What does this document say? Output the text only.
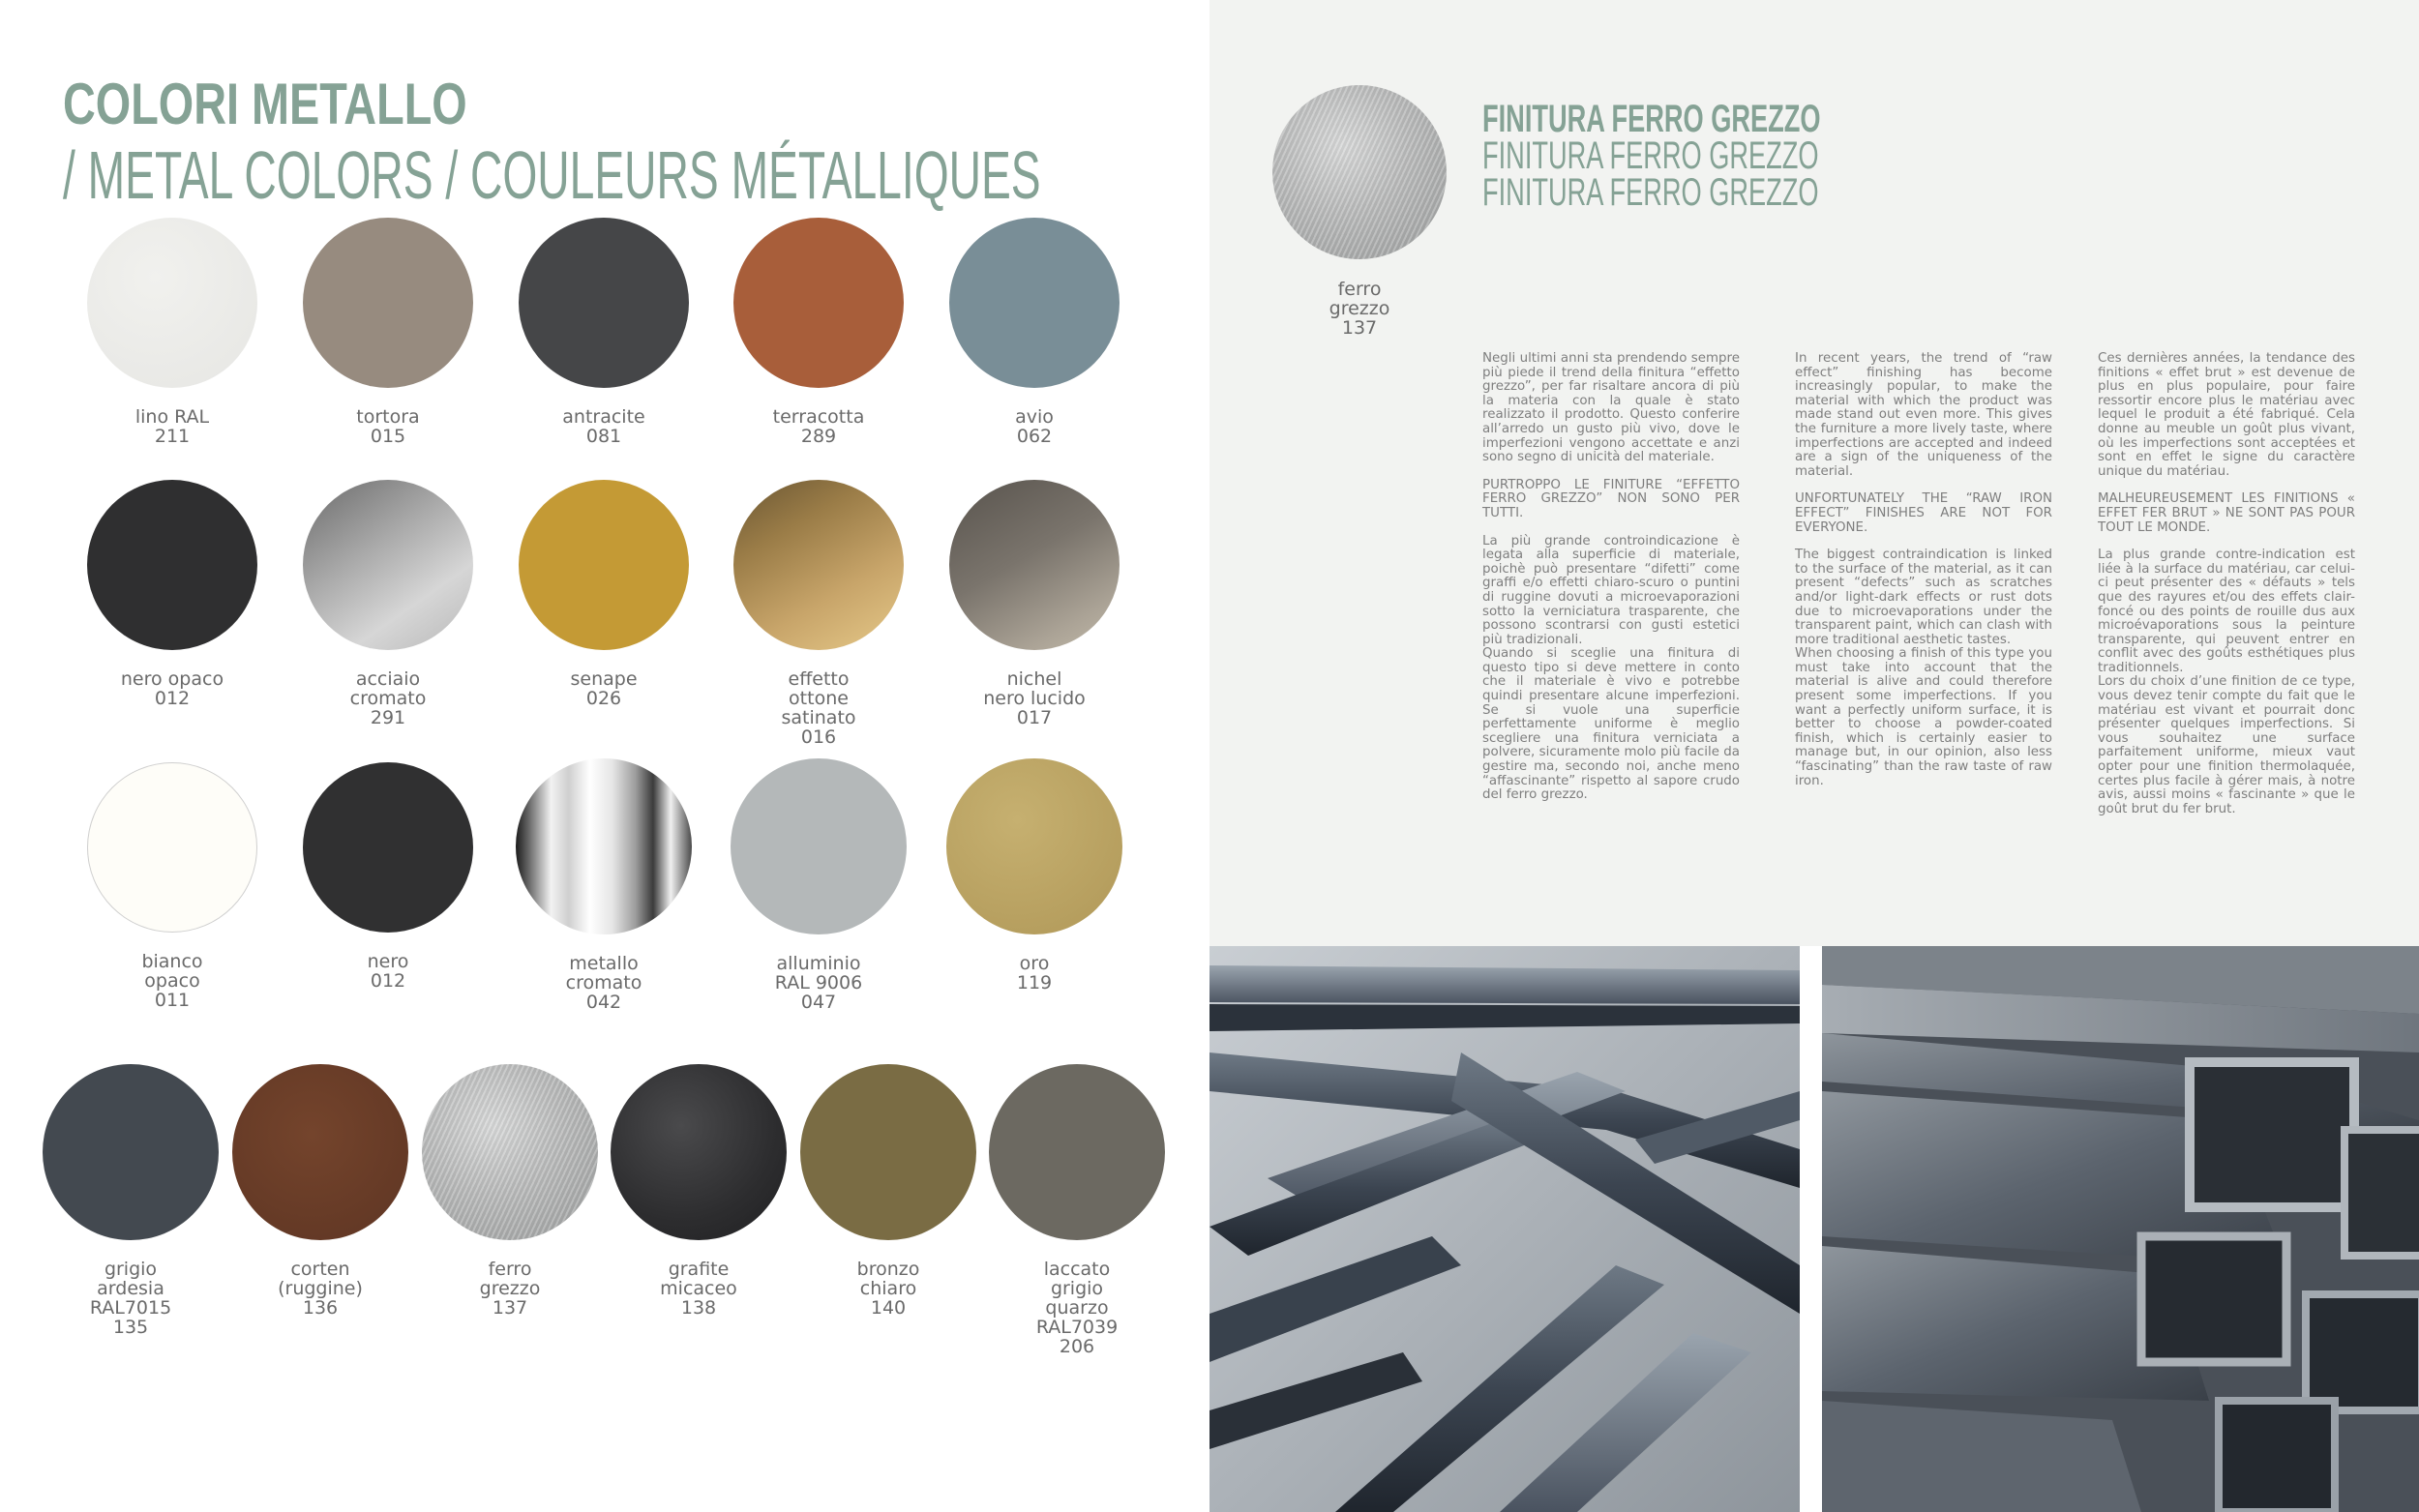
COLORI METALLO
/ METAL COLORS / COULEURS MÉTALLIQUES
lino RAL
211
tortora
015
antracite
081
terracotta
289
avio
062
nero opaco
012
acciaio
cromato
291
senape
026
effetto
ottone
satinato
016
nichel
nero lucido
017
bianco
opaco
011
nero
012
metallo
cromato
042
alluminio
RAL 9006
047
oro
119
grigio
ardesia
RAL7015
135
corten
(ruggine)
136
ferro
grezzo
137
grafite
micaceo
138
bronzo
chiaro
140
laccato
grigio
quarzo
RAL7039
206
ferro
grezzo
137
FINITURA FERRO GREZZO
FINITURA FERRO GREZZO
FINITURA FERRO GREZZO

Negli ultimi anni sta prendendo sempre più piede il trend della finitura “effetto grezzo”, per far risaltare ancora di più la materia con la quale è stato realizzato il prodotto. Questo conferire all’arredo un gusto più vivo, dove le imperfezioni vengono accettate e anzi sono segno di unicità del materiale.

PURTROPPO LE FINITURE “EFFETTO FERRO GREZZO” NON SONO PER TUTTI.

La più grande controindicazione è legata alla superficie di materiale, poichè può presentare “difetti” come graffi e/o effetti chiaro-scuro o puntini di ruggine dovuti a microevaporazioni sotto la verniciatura trasparente, che possono scontrarsi con gusti estetici più tradizionali.

Quando si sceglie una finitura di questo tipo si deve mettere in conto che il materiale è vivo e potrebbe quindi presentare alcune imperfezioni. Se si vuole una superficie perfettamente uniforme è meglio scegliere una finitura verniciata a polvere, sicuramente molo più facile da gestire ma, secondo noi, anche meno “affascinante” rispetto al sapore crudo del ferro grezzo.

In recent years, the trend of “raw effect” finishing has become increasingly popular, to make the material with which the product was made stand out even more. This gives the furniture a more lively taste, where imperfections are accepted and indeed are a sign of the uniqueness of the material.

UNFORTUNATELY THE “RAW IRON EFFECT” FINISHES ARE NOT FOR EVERYONE.

The biggest contraindication is linked to the surface of the material, as it can present “defects” such as scratches and/or light-dark effects or rust dots due to microevaporations under the transparent paint, which can clash with more traditional aesthetic tastes.

When choosing a finish of this type you must take into account that the material is alive and could therefore present some imperfections. If you want a perfectly uniform surface, it is better to choose a powder-coated finish, which is certainly easier to manage but, in our opinion, also less “fascinating” than the raw taste of raw iron.

Ces dernières années, la tendance des finitions « effet brut » est devenue de plus en plus populaire, pour faire ressortir encore plus le matériau avec lequel le produit a été fabriqué. Cela donne au meuble un goût plus vivant, où les imperfections sont acceptées et sont en effet le signe du caractère unique du matériau.

MALHEUREUSEMENT LES FINITIONS « EFFET FER BRUT » NE SONT PAS POUR TOUT LE MONDE.

La plus grande contre-indication est liée à la surface du matériau, car celui-ci peut présenter des « défauts » tels que des rayures et/ou des effets clair-foncé ou des points de rouille dus aux microévaporations sous la peinture transparente, qui peuvent entrer en conflit avec des goûts esthétiques plus traditionnels.

Lors du choix d’une finition de ce type, vous devez tenir compte du fait que le matériau est vivant et pourrait donc présenter quelques imperfections. Si vous souhaitez une surface parfaitement uniforme, mieux vaut opter pour une finition thermolaquée, certes plus facile à gérer mais, à notre avis, aussi moins « fascinante » que le goût brut du fer brut.
